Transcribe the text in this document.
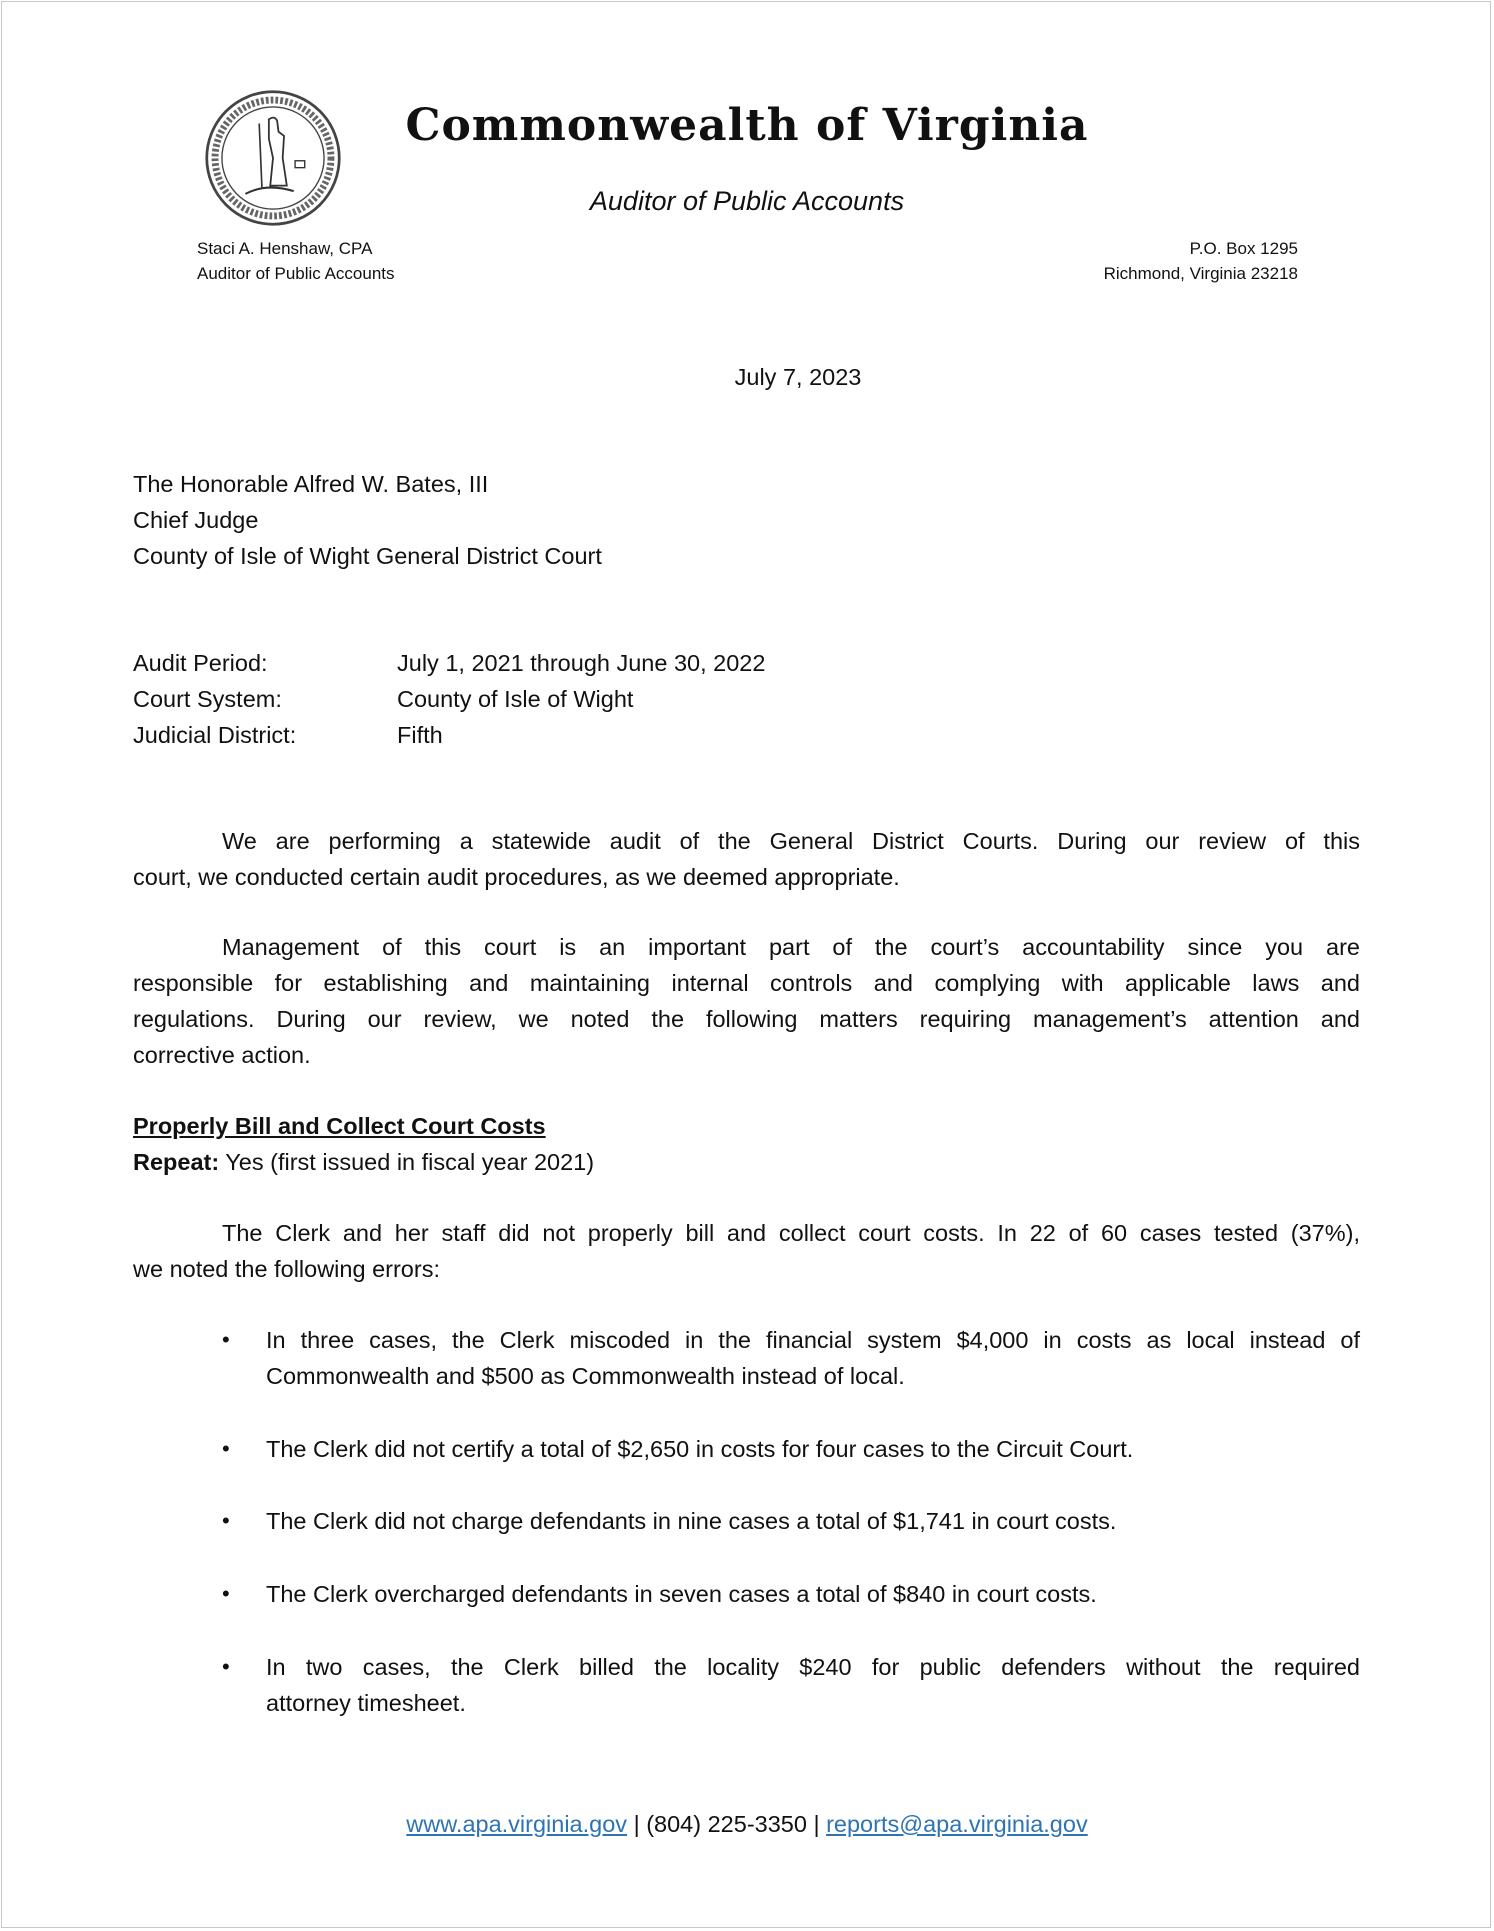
Commonwealth of Virginia
Auditor of Public Accounts
Staci A. Henshaw, CPA
Auditor of Public Accounts
P.O. Box 1295
Richmond, Virginia 23218
July 7, 2023
The Honorable Alfred W. Bates, III
Chief Judge
County of Isle of Wight General District Court
Audit Period:	July 1, 2021 through June 30, 2022
Court System:	County of Isle of Wight
Judicial District:	Fifth
We are performing a statewide audit of the General District Courts. During our review of this
court, we conducted certain audit procedures, as we deemed appropriate.
Management of this court is an important part of the court’s accountability since you are
responsible for establishing and maintaining internal controls and complying with applicable laws and
regulations. During our review, we noted the following matters requiring management’s attention and
corrective action.
Properly Bill and Collect Court Costs
Repeat: Yes (first issued in fiscal year 2021)
The Clerk and her staff did not properly bill and collect court costs. In 22 of 60 cases tested (37%),
we noted the following errors:
• In three cases, the Clerk miscoded in the financial system $4,000 in costs as local instead of
Commonwealth and $500 as Commonwealth instead of local.
• The Clerk did not certify a total of $2,650 in costs for four cases to the Circuit Court.
• The Clerk did not charge defendants in nine cases a total of $1,741 in court costs.
• The Clerk overcharged defendants in seven cases a total of $840 in court costs.
• In two cases, the Clerk billed the locality $240 for public defenders without the required
attorney timesheet.
www.apa.virginia.gov | (804) 225-3350 | reports@apa.virginia.gov
